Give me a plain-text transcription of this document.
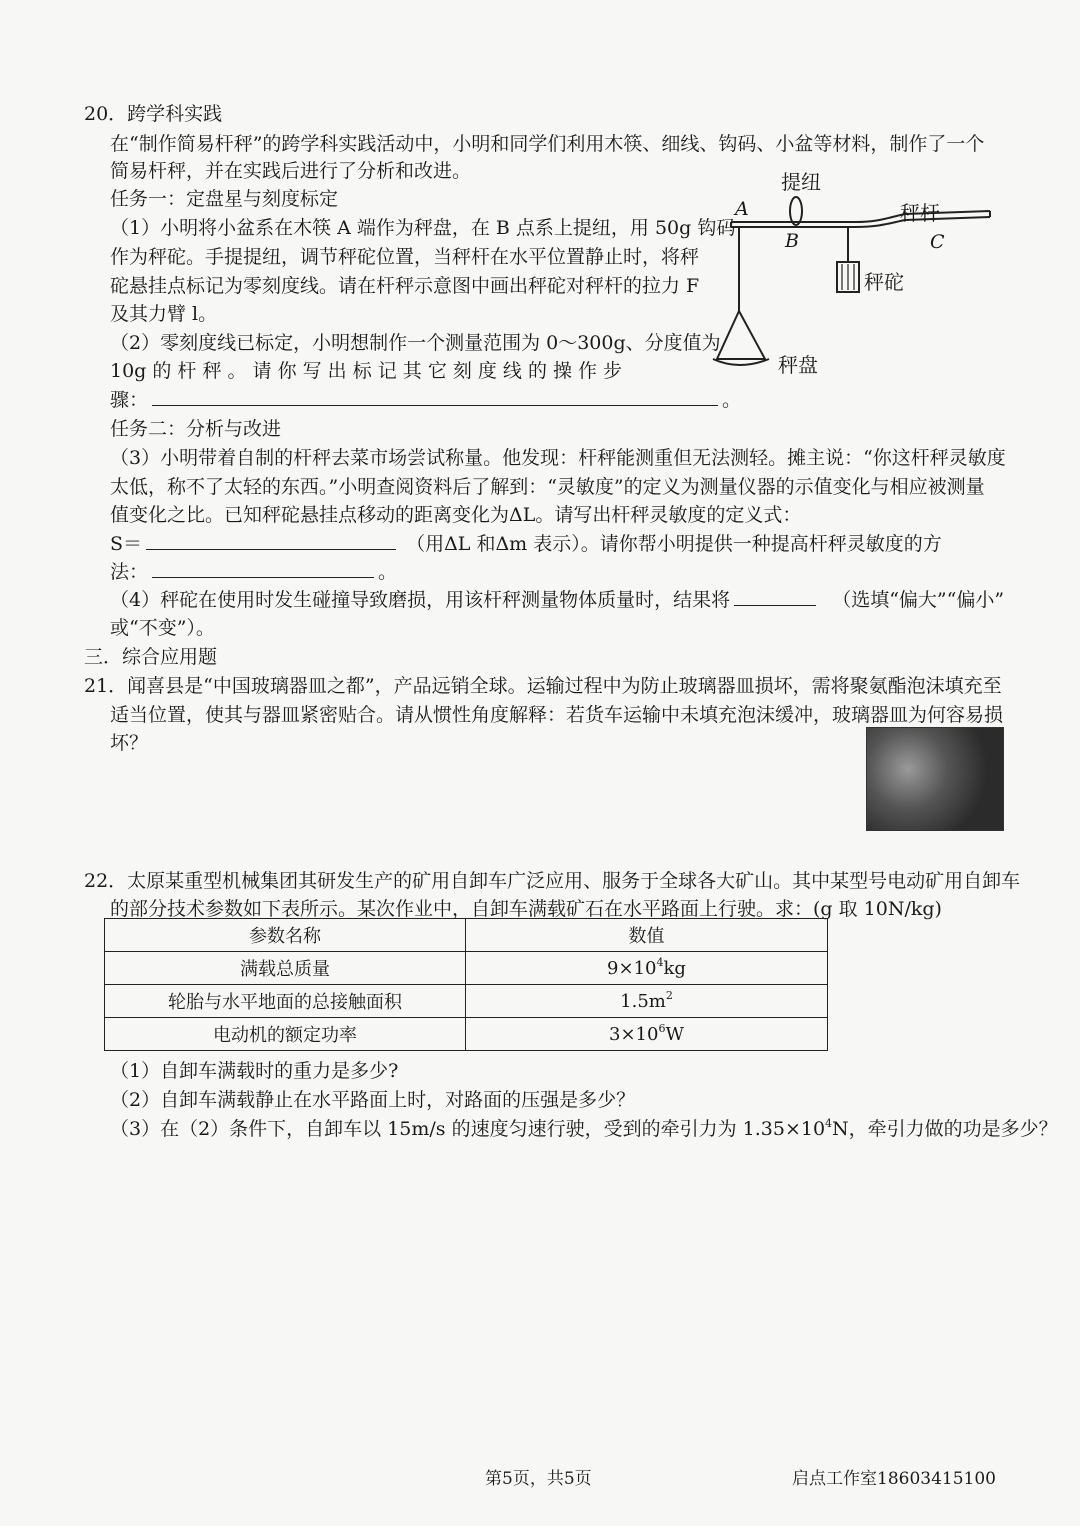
20．跨学科实践
在“制作简易杆秤”的跨学科实践活动中，小明和同学们利用木筷、细线、钩码、小盆等材料，制作了一个
简易杆秤，并在实践后进行了分析和改进。
任务一：定盘星与刻度标定
（1）小明将小盆系在木筷 A 端作为秤盘，在 B 点系上提纽，用 50g 钩码
作为秤砣。手提提纽，调节秤砣位置，当秤杆在水平位置静止时，将秤
砣悬挂点标记为零刻度线。请在杆秤示意图中画出秤砣对秤杆的拉力 F
及其力臂 l。
（2）零刻度线已标定，小明想制作一个测量范围为 0～300g、分度值为
10g 的 杆 秤 。 请 你 写 出 标 记 其 它 刻 度 线 的 操 作 步
骤：	。
提纽
A
B	C
秤杆
秤砣
秤盘
任务二：分析与改进
（3）小明带着自制的杆秤去菜市场尝试称量。他发现：杆秤能测重但无法测轻。摊主说：“你这杆秤灵敏度
太低，称不了太轻的东西。”小明查阅资料后了解到：“灵敏度”的定义为测量仪器的示值变化与相应被测量
值变化之比。已知秤砣悬挂点移动的距离变化为ΔL。请写出杆秤灵敏度的定义式：
S＝	（用ΔL 和Δm 表示）。请你帮小明提供一种提高杆秤灵敏度的方
法：	。
（4）秤砣在使用时发生碰撞导致磨损，用该杆秤测量物体质量时，结果将	（选填“偏大”“偏小”
或“不变”）。
三．综合应用题
21．闻喜县是“中国玻璃器皿之都”，产品远销全球。运输过程中为防止玻璃器皿损坏，需将聚氨酯泡沫填充至
适当位置，使其与器皿紧密贴合。请从惯性角度解释：若货车运输中未填充泡沫缓冲，玻璃器皿为何容易损
坏？
22．太原某重型机械集团其研发生产的矿用自卸车广泛应用、服务于全球各大矿山。其中某型号电动矿用自卸车
的部分技术参数如下表所示。某次作业中，自卸车满载矿石在水平路面上行驶。求：(g 取 10N/kg)
参数名称	数值
满载总质量	$9\times 10^4kg$
轮胎与水平地面的总接触面积	$1.5m^2$
电动机的额定功率	$3\times 10^6W$
（1）自卸车满载时的重力是多少?
（2）自卸车满载静止在水平路面上时，对路面的压强是多少？
（3）在（2）条件下，自卸车以 15m/s 的速度匀速行驶，受到的牵引力为 $1.35\times 10^4N$，牵引力做的功是多少？
第5页，共5页	启点工作室18603415100
